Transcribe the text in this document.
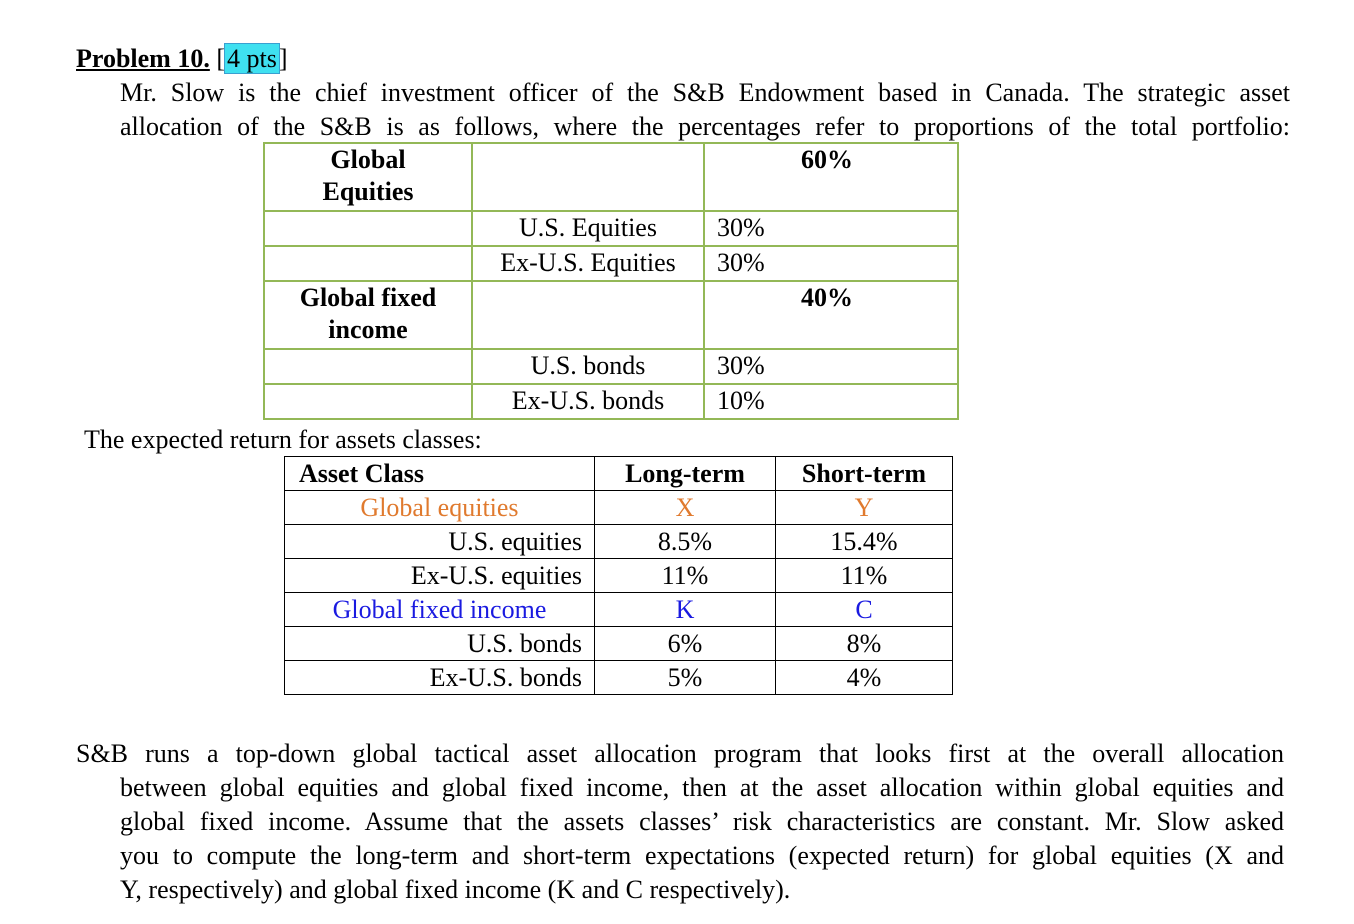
Problem 10. [4 pts]
Mr. Slow is the chief investment officer of the S&B Endowment based in Canada. The strategic asset
allocation of the S&B is as follows, where the percentages refer to proportions of the total portfolio:
Global
Equities		60%
	U.S. Equities	30%
	Ex-U.S. Equities	30%

Global fixed
income		40%
	U.S. bonds	30%
	Ex-U.S. bonds	10%
The expected return for assets classes:
Asset Class	Long-term	Short-term
Global equities	X	Y
U.S. equities	8.5%	15.4%
Ex-U.S. equities	11%	11%
Global fixed income	K	C
U.S. bonds	6%	8%
Ex-U.S. bonds	5%	4%
S&B runs a top-down global tactical asset allocation program that looks first at the overall allocation
between global equities and global fixed income, then at the asset allocation within global equities and
global fixed income. Assume that the assets classes’ risk characteristics are constant. Mr. Slow asked
you to compute the long-term and short-term expectations (expected return) for global equities (X and
Y, respectively) and global fixed income (K and C respectively).
